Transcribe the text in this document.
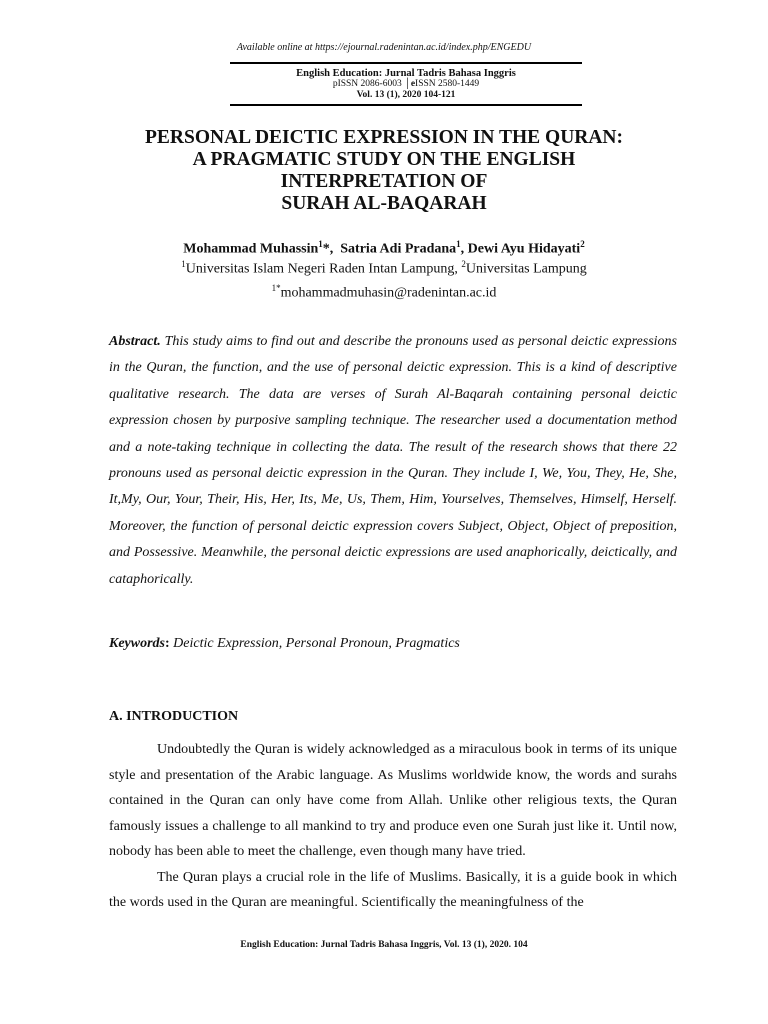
Available online at https://ejournal.radenintan.ac.id/index.php/ENGEDU
English Education: Jurnal Tadris Bahasa Inggris
pISSN 2086-6003 │eISSN 2580-1449
Vol. 13 (1), 2020 104-121
PERSONAL DEICTIC EXPRESSION IN THE QURAN:
A PRAGMATIC STUDY ON THE ENGLISH
INTERPRETATION OF
SURAH AL-BAQARAH
Mohammad Muhassin$^1$*,  Satria Adi Pradana$^1$, Dewi Ayu Hidayati$^2$
$^1$Universitas Islam Negeri Raden Intan Lampung, $^2$Universitas Lampung
$^{1*}$mohammadmuhasin@radenintan.ac.id
Abstract. This study aims to find out and describe the pronouns used as personal deictic expressions in the Quran, the function, and the use of personal deictic expression. This is a kind of descriptive qualitative research. The data are verses of Surah Al-Baqarah containing personal deictic expression chosen by purposive sampling technique. The researcher used a documentation method and a note-taking technique in collecting the data. The result of the research shows that there 22 pronouns used as personal deictic expression in the Quran. They include I, We, You, They, He, She, It,My, Our, Your, Their, His, Her, Its, Me, Us, Them, Him, Yourselves, Themselves, Himself, Herself. Moreover, the function of personal deictic expression covers Subject, Object, Object of preposition, and Possessive. Meanwhile, the personal deictic expressions are used anaphorically, deictically, and cataphorically.
Keywords: Deictic Expression, Personal Pronoun, Pragmatics
A. INTRODUCTION

Undoubtedly the Quran is widely acknowledged as a miraculous book in terms of its unique style and presentation of the Arabic language. As Muslims worldwide know, the words and surahs contained in the Quran can only have come from Allah. Unlike other religious texts, the Quran famously issues a challenge to all mankind to try and produce even one Surah just like it. Until now, nobody has been able to meet the challenge, even though many have tried.

The Quran plays a crucial role in the life of Muslims. Basically, it is a guide book in which the words used in the Quran are meaningful. Scientifically the meaningfulness of the

English Education: Jurnal Tadris Bahasa Inggris, Vol. 13 (1), 2020. 104
